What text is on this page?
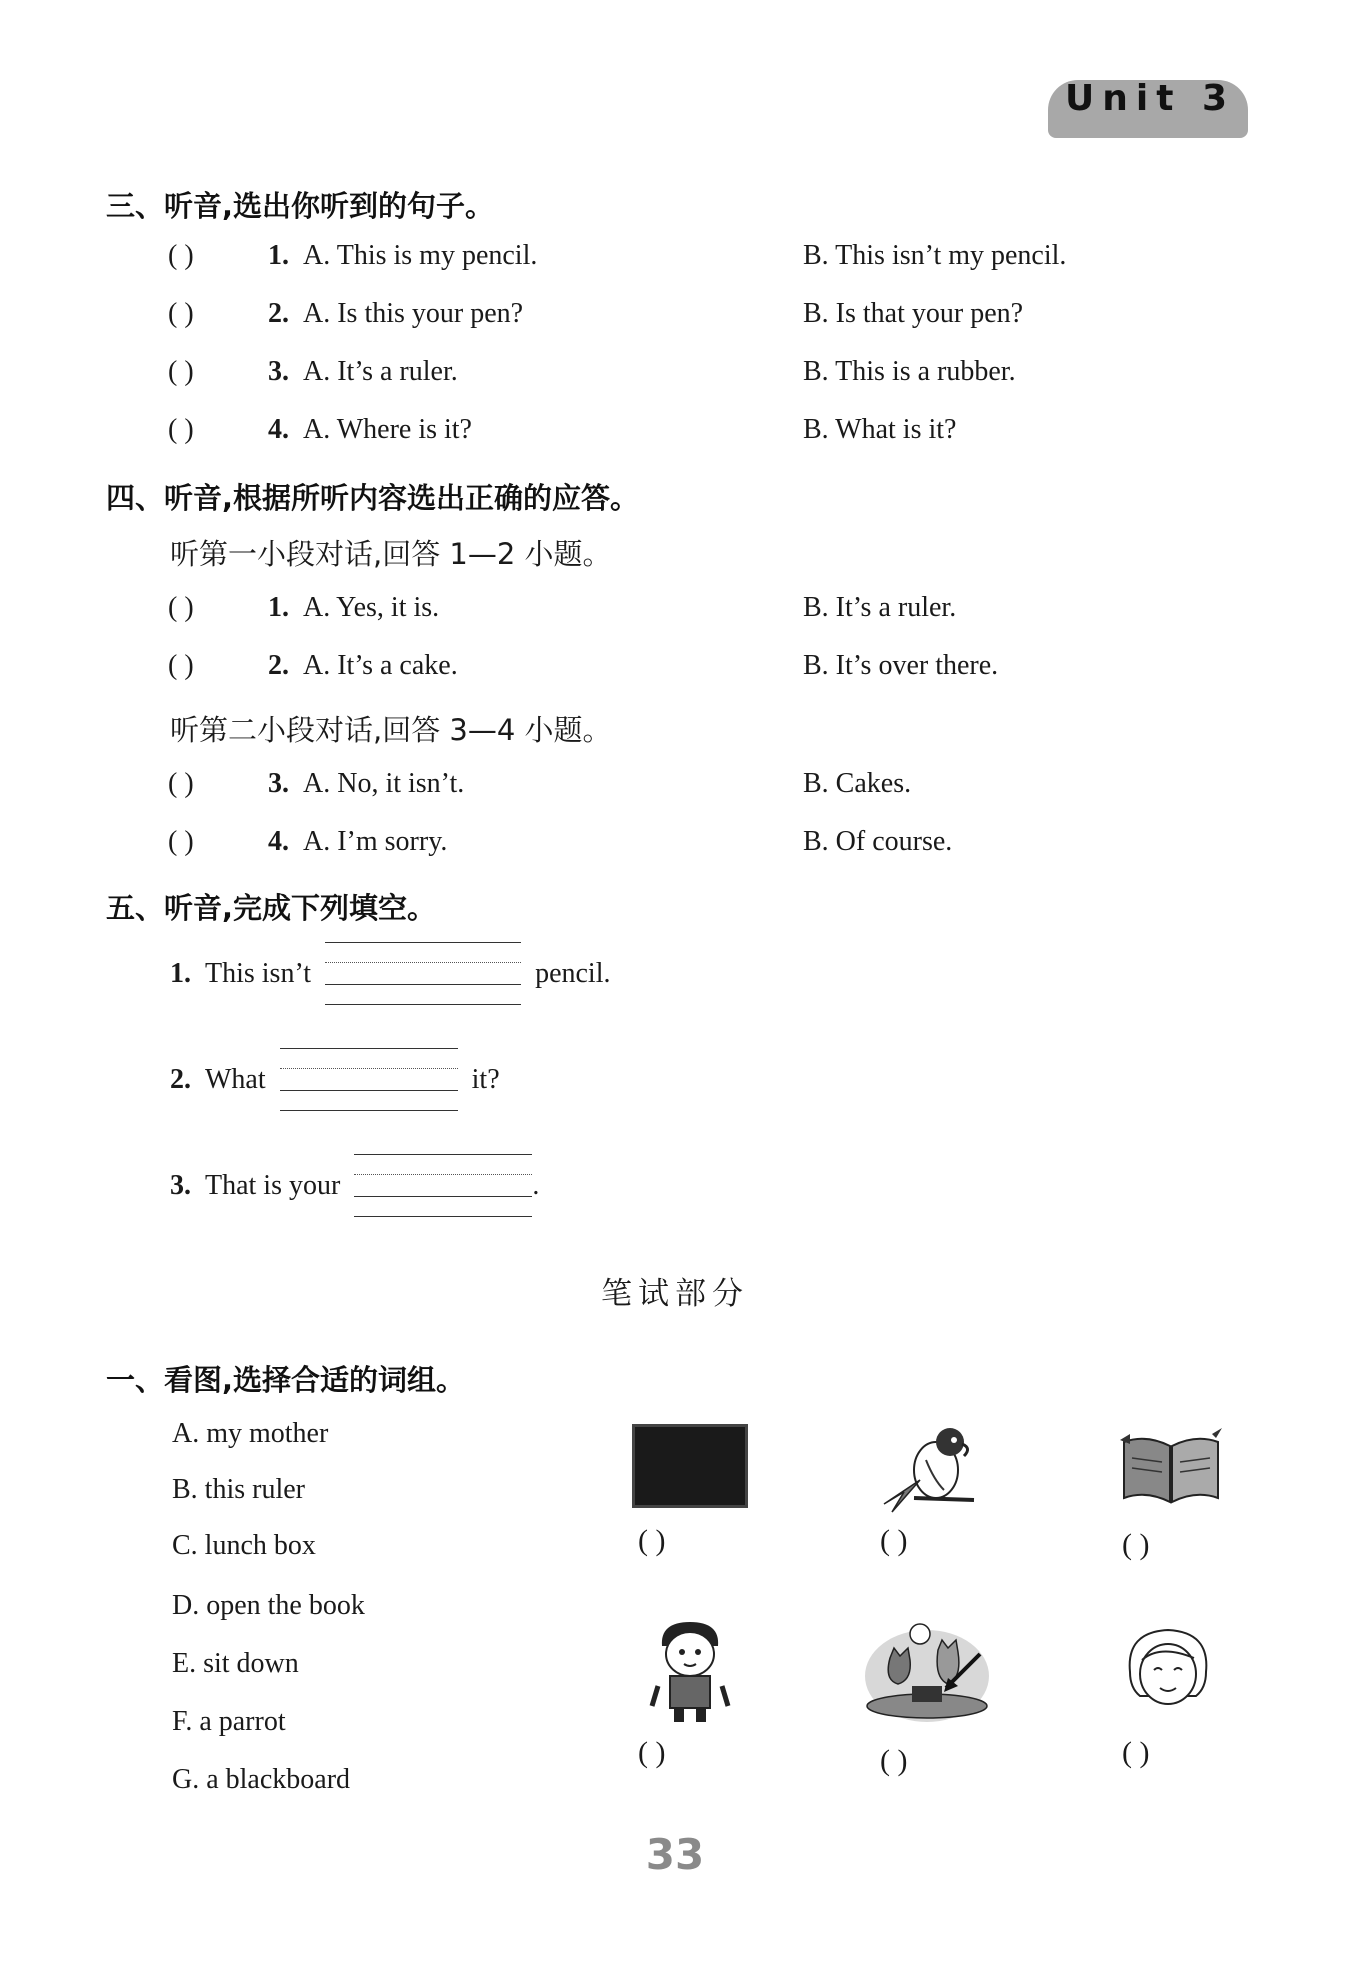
Unit 3
三、听音,选出你听到的句子。
( )	1. A. This is my pencil.	B. This isn’t my pencil.
( )	2. A. Is this your pen?	B. Is that your pen?
( )	3. A. It’s a ruler.	B. This is a rubber.
( )	4. A. Where is it?	B. What is it?
四、听音,根据所听内容选出正确的应答。
听第一小段对话,回答 1—2 小题。
( )	1. A. Yes, it is.	B. It’s a ruler.
( )	2. A. It’s a cake.	B. It’s over there.
听第二小段对话,回答 3—4 小题。
( )	3. A. No, it isn’t.	B. Cakes.
( )	4. A. I’m sorry.	B. Of course.
五、听音,完成下列填空。
1. This isn’t	pencil.
2. What	it?
3. That is your	.
笔试部分
一、看图,选择合适的词组。
A. my mother
B. this ruler
C. lunch box
D. open the book
E. sit down
F. a parrot
G. a blackboard
( )	( )	( )
( )	( )	( )
33
